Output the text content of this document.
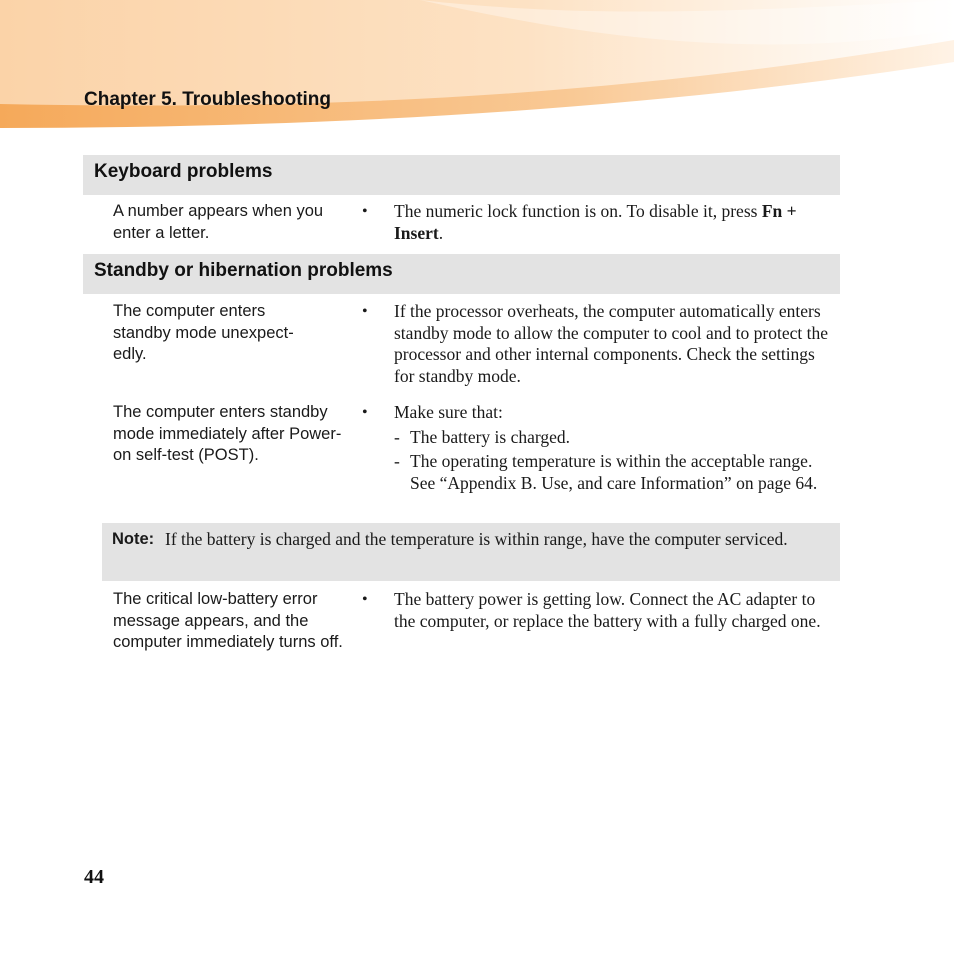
Chapter 5. Troubleshooting
Keyboard problems
A number appears when you enter a letter.
• The numeric lock function is on. To disable it, press Fn + Insert.
Standby or hibernation problems
The computer enters standby mode unexpect-edly.
• If the processor overheats, the computer automatically enters standby mode to allow the computer to cool and to protect the processor and other internal components. Check the settings for standby mode.
The computer enters standby mode immediately after Power-on self-test (POST).
• Make sure that:
- The battery is charged.
- The operating temperature is within the acceptable range. See “Appendix B. Use, and care Information” on page 64.
Note: If the battery is charged and the temperature is within range, have the computer serviced.
The critical low-battery error message appears, and the computer immediately turns off.
• The battery power is getting low. Connect the AC adapter to the computer, or replace the battery with a fully charged one.
44
